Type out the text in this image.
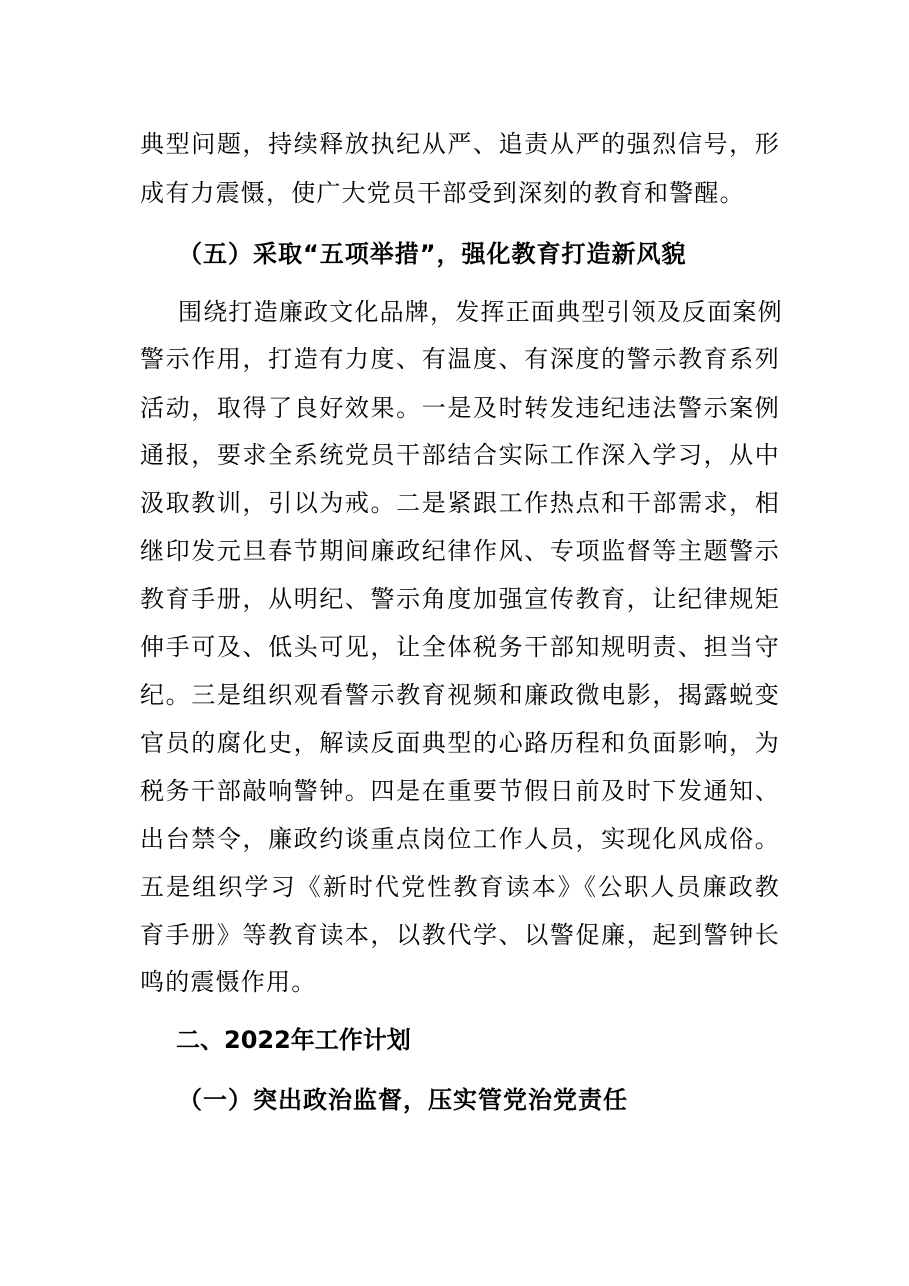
典型问题，持续释放执纪从严、追责从严的强烈信号，形
成有力震慑，使广大党员干部受到深刻的教育和警醒。
（五）采取“五项举措”，强化教育打造新风貌
围绕打造廉政文化品牌，发挥正面典型引领及反面案例
警示作用，打造有力度、有温度、有深度的警示教育系列
活动，取得了良好效果。一是及时转发违纪违法警示案例
通报，要求全系统党员干部结合实际工作深入学习，从中
汲取教训，引以为戒。二是紧跟工作热点和干部需求，相
继印发元旦春节期间廉政纪律作风、专项监督等主题警示
教育手册，从明纪、警示角度加强宣传教育，让纪律规矩
伸手可及、低头可见，让全体税务干部知规明责、担当守
纪。三是组织观看警示教育视频和廉政微电影，揭露蜕变
官员的腐化史，解读反面典型的心路历程和负面影响，为
税务干部敲响警钟。四是在重要节假日前及时下发通知、
出台禁令，廉政约谈重点岗位工作人员，实现化风成俗。
五是组织学习《新时代党性教育读本》《公职人员廉政教
育手册》等教育读本，以教代学、以警促廉，起到警钟长
鸣的震慑作用。
二、2022年工作计划
（一）突出政治监督，压实管党治党责任
